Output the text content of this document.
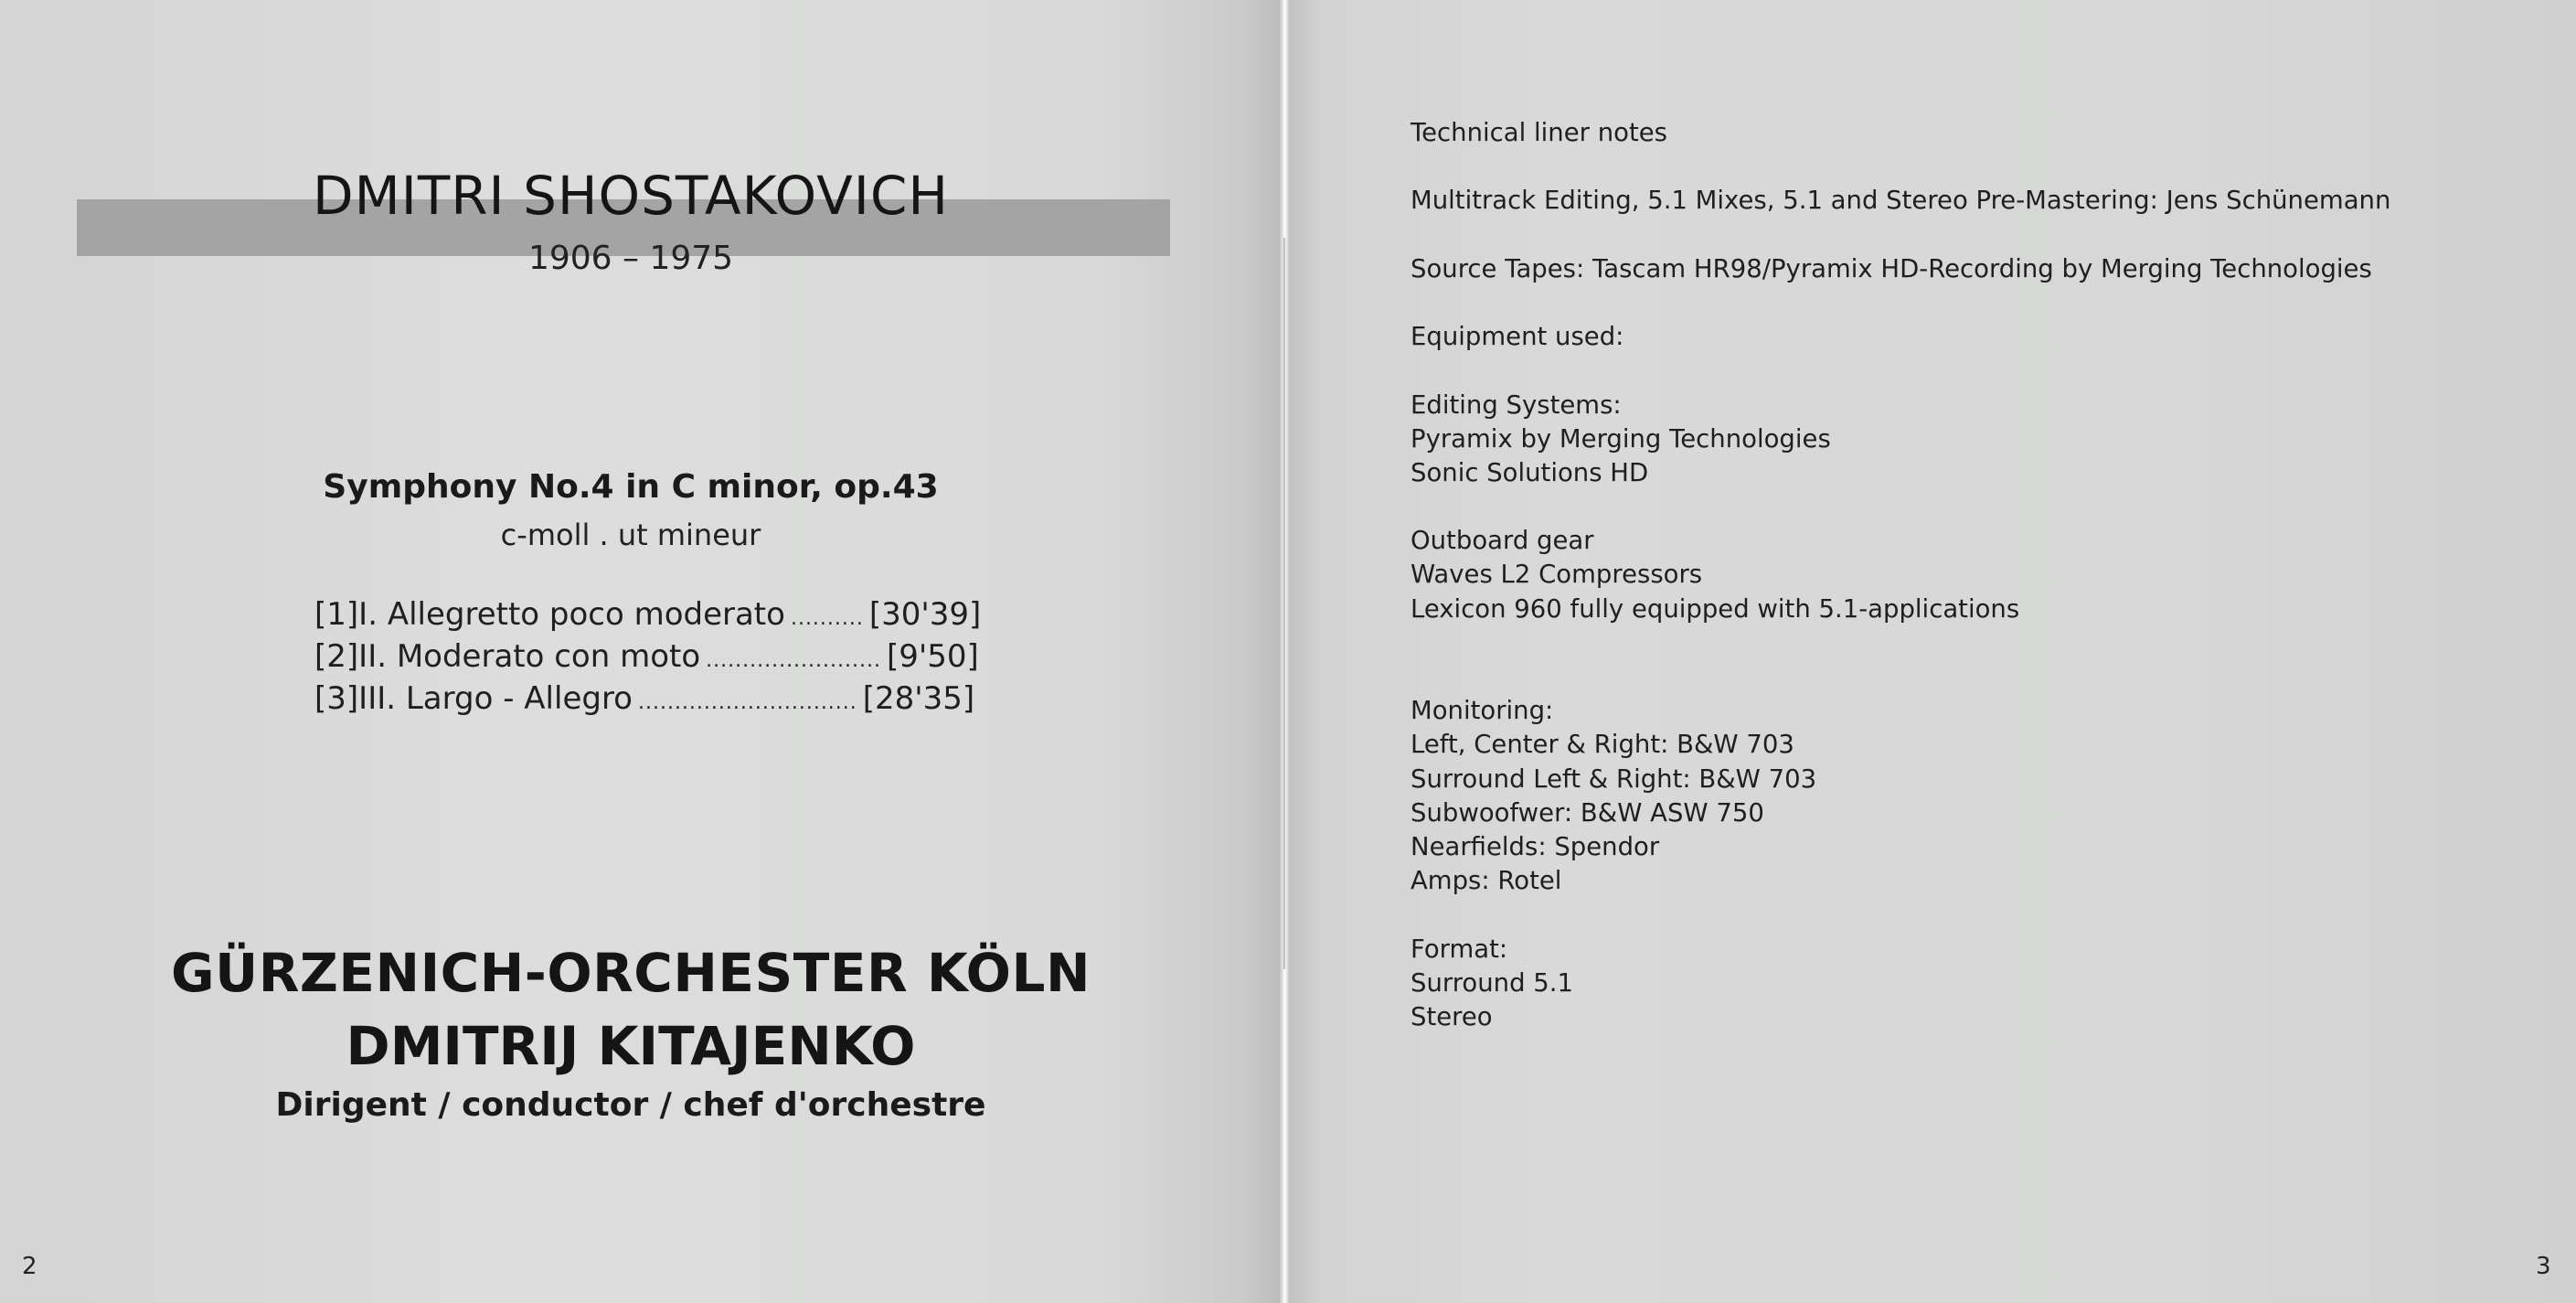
DMITRI SHOSTAKOVICH
1906 – 1975
Symphony No.4 in C minor, op.43
c-moll . ut mineur
[1] I. Allegretto poco moderato .......... [30'39]
[2] II. Moderato con moto ........................ [9'50]
[3] III. Largo - Allegro .............................. [28'35]
GÜRZENICH-ORCHESTER KÖLN
DMITRIJ KITAJENKO
Dirigent / conductor / chef d'orchestre
2
Technical liner notes
Multitrack Editing, 5.1 Mixes, 5.1 and Stereo Pre-Mastering: Jens Schünemann
Source Tapes: Tascam HR98/Pyramix HD-Recording by Merging Technologies
Equipment used:
Editing Systems:
Pyramix by Merging Technologies
Sonic Solutions HD
Outboard gear
Waves L2 Compressors
Lexicon 960 fully equipped with 5.1-applications
Monitoring:
Left, Center & Right: B&W 703
Surround Left & Right: B&W 703
Subwoofwer: B&W ASW 750
Nearfields: Spendor
Amps: Rotel
Format:
Surround 5.1
Stereo
3
